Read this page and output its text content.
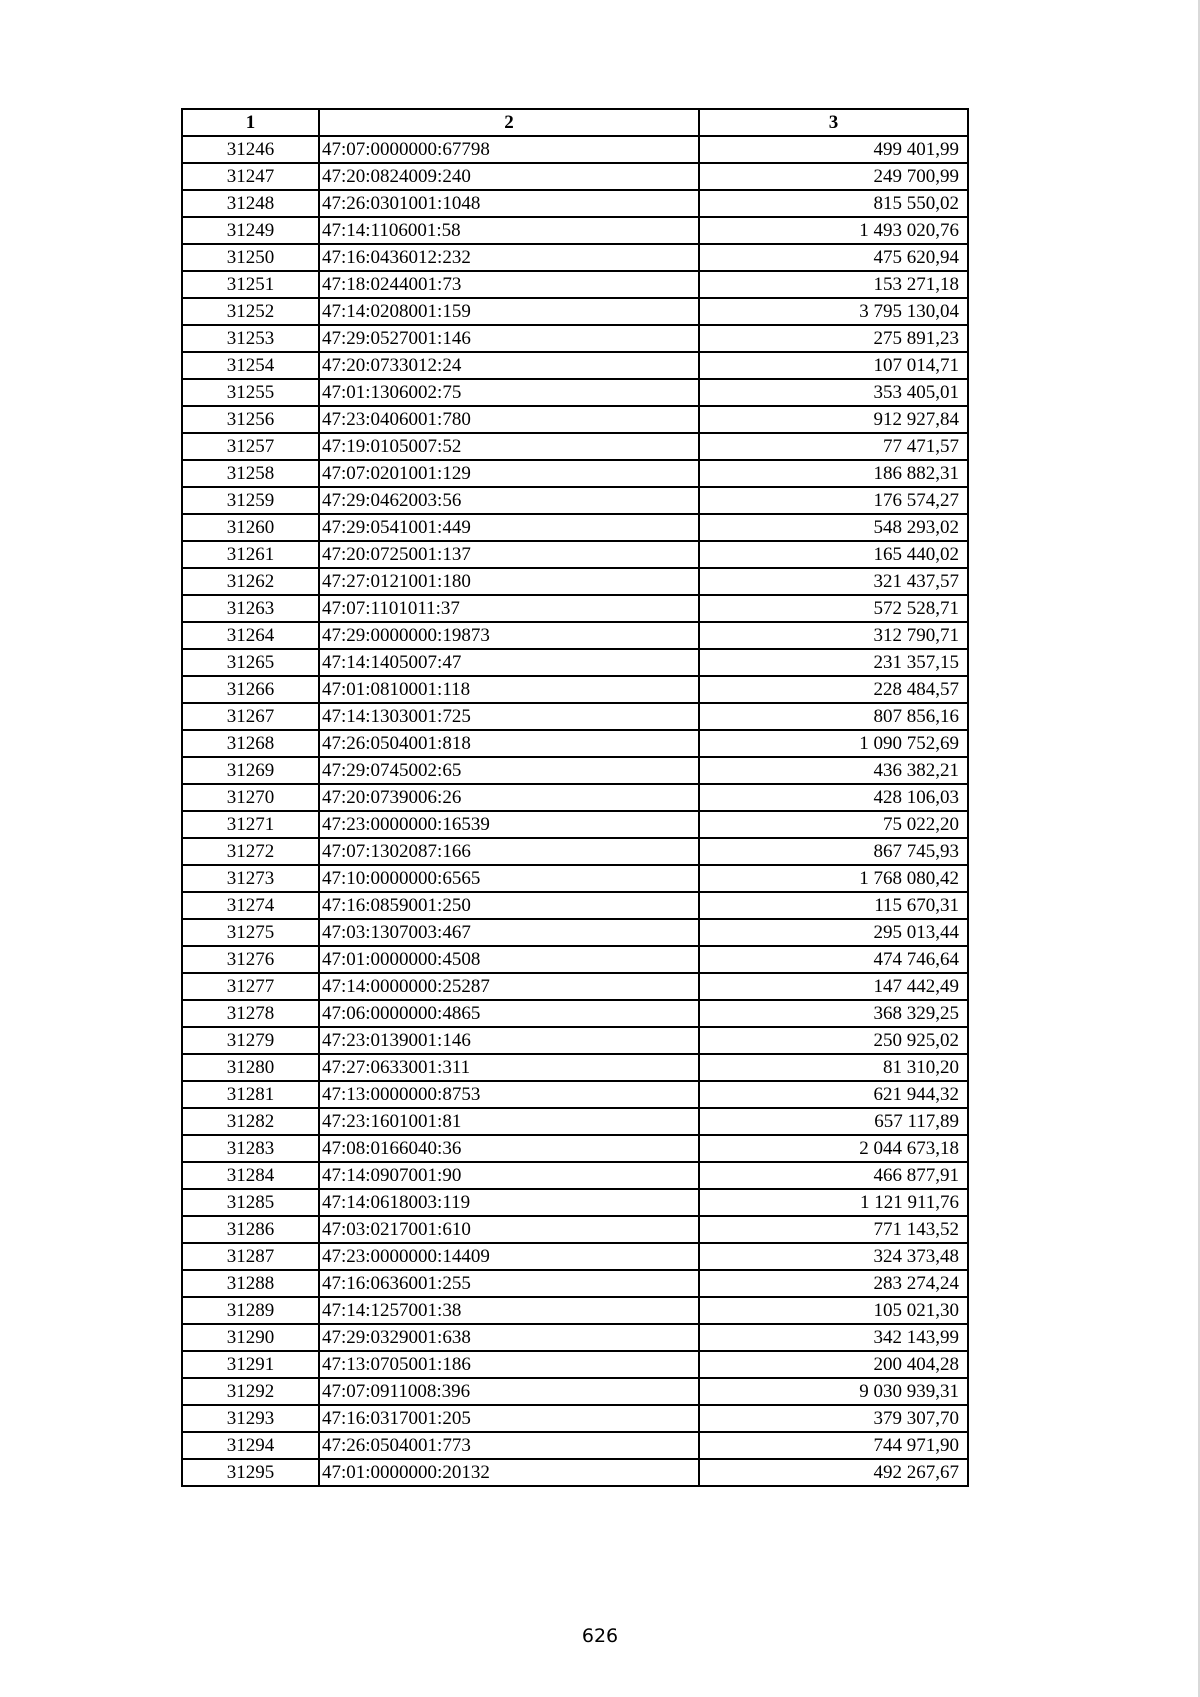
1	2	3
31246	47:07:0000000:67798	499 401,99
31247	47:20:0824009:240	249 700,99
31248	47:26:0301001:1048	815 550,02
31249	47:14:1106001:58	1 493 020,76
31250	47:16:0436012:232	475 620,94
31251	47:18:0244001:73	153 271,18
31252	47:14:0208001:159	3 795 130,04
31253	47:29:0527001:146	275 891,23
31254	47:20:0733012:24	107 014,71
31255	47:01:1306002:75	353 405,01
31256	47:23:0406001:780	912 927,84
31257	47:19:0105007:52	77 471,57
31258	47:07:0201001:129	186 882,31
31259	47:29:0462003:56	176 574,27
31260	47:29:0541001:449	548 293,02
31261	47:20:0725001:137	165 440,02
31262	47:27:0121001:180	321 437,57
31263	47:07:1101011:37	572 528,71
31264	47:29:0000000:19873	312 790,71
31265	47:14:1405007:47	231 357,15
31266	47:01:0810001:118	228 484,57
31267	47:14:1303001:725	807 856,16
31268	47:26:0504001:818	1 090 752,69
31269	47:29:0745002:65	436 382,21
31270	47:20:0739006:26	428 106,03
31271	47:23:0000000:16539	75 022,20
31272	47:07:1302087:166	867 745,93
31273	47:10:0000000:6565	1 768 080,42
31274	47:16:0859001:250	115 670,31
31275	47:03:1307003:467	295 013,44
31276	47:01:0000000:4508	474 746,64
31277	47:14:0000000:25287	147 442,49
31278	47:06:0000000:4865	368 329,25
31279	47:23:0139001:146	250 925,02
31280	47:27:0633001:311	81 310,20
31281	47:13:0000000:8753	621 944,32
31282	47:23:1601001:81	657 117,89
31283	47:08:0166040:36	2 044 673,18
31284	47:14:0907001:90	466 877,91
31285	47:14:0618003:119	1 121 911,76
31286	47:03:0217001:610	771 143,52
31287	47:23:0000000:14409	324 373,48
31288	47:16:0636001:255	283 274,24
31289	47:14:1257001:38	105 021,30
31290	47:29:0329001:638	342 143,99
31291	47:13:0705001:186	200 404,28
31292	47:07:0911008:396	9 030 939,31
31293	47:16:0317001:205	379 307,70
31294	47:26:0504001:773	744 971,90
31295	47:01:0000000:20132	492 267,67
626
